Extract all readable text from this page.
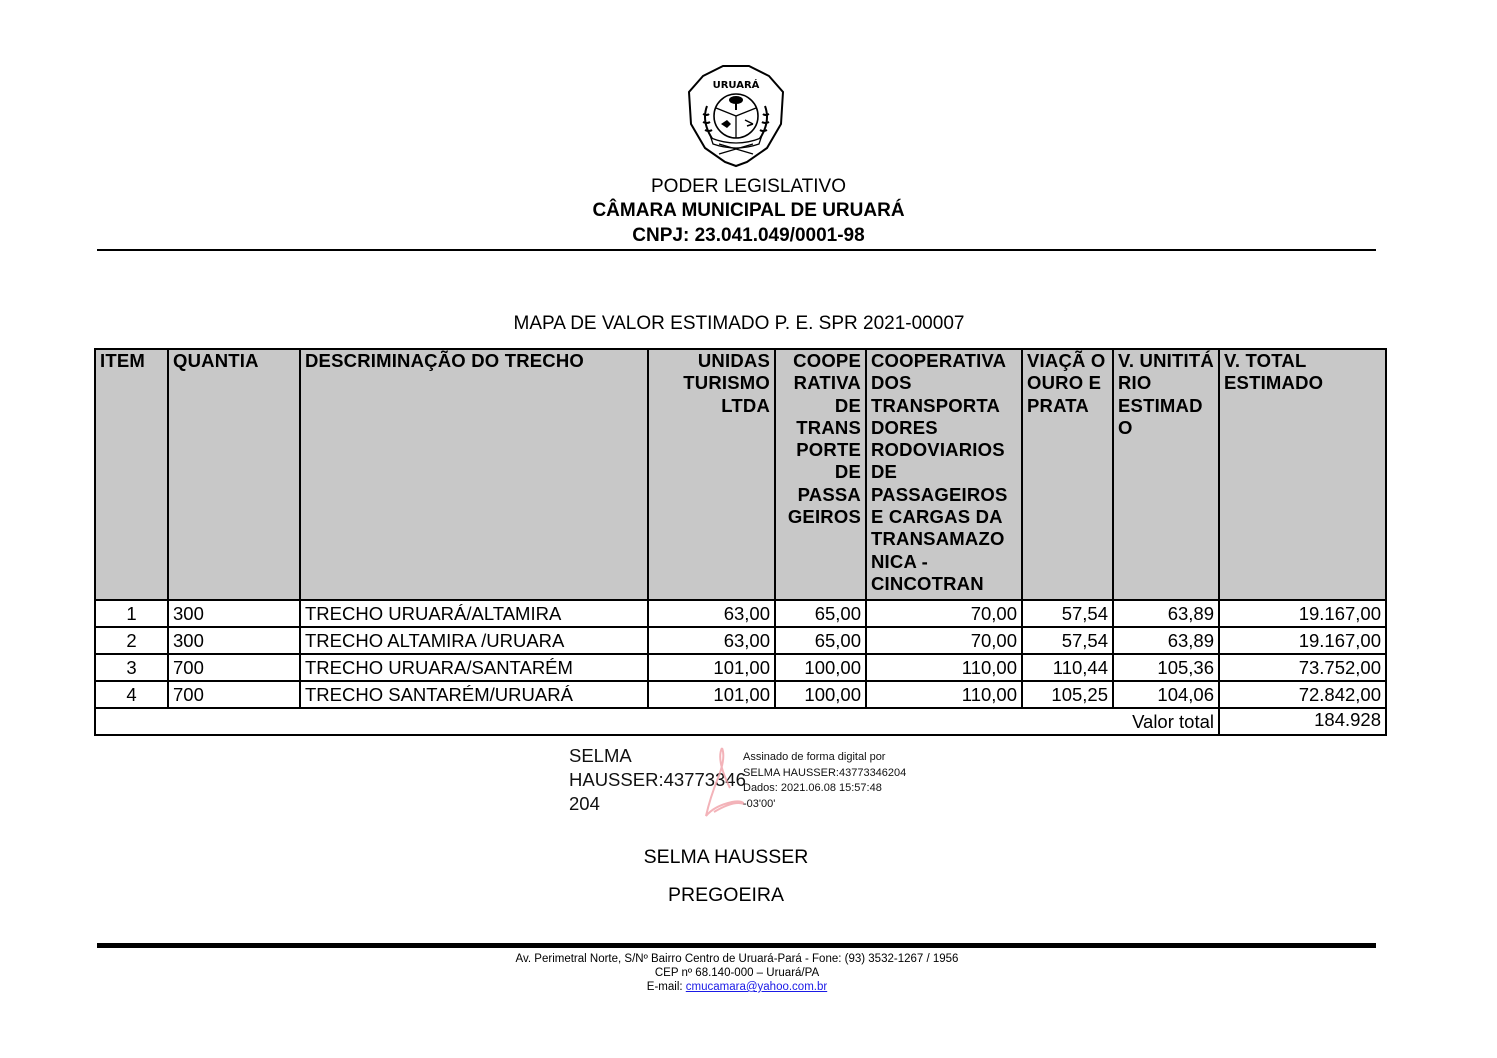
URUARÁ
PODER LEGISLATIVO
CÂMARA MUNICIPAL DE URUARÁ
CNPJ: 23.041.049/0001-98
MAPA DE VALOR ESTIMADO P. E. SPR 2021-00007
ITEM	QUANTIA	DESCRIMINAÇÃO DO TRECHO	UNIDAS TURISMO LTDA	COOPE RATIVA DE TRANS PORTE DE PASSA GEIROS	COOPERATIVA DOS TRANSPORTA DORES RODOVIARIOS DE PASSAGEIROS E CARGAS DA TRANSAMAZO NICA - CINCOTRAN	VIAÇÃ O OURO E PRATA	V. UNITITÁ RIO ESTIMAD O	V. TOTAL ESTIMADO
1	300	TRECHO URUARÁ/ALTAMIRA	63,00	65,00	70,00	57,54	63,89	19.167,00
2	300	TRECHO ALTAMIRA /URUARA	63,00	65,00	70,00	57,54	63,89	19.167,00
3	700	TRECHO URUARA/SANTARÉM	101,00	100,00	110,00	110,44	105,36	73.752,00
4	700	TRECHO SANTARÉM/URUARÁ	101,00	100,00	110,00	105,25	104,06	72.842,00
Valor total								184.928
SELMA
HAUSSER:43773346
204
Assinado de forma digital por
SELMA HAUSSER:43773346204
Dados: 2021.06.08 15:57:48
-03'00'
SELMA HAUSSER
PREGOEIRA
Av. Perimetral Norte, S/Nº Bairro Centro de Uruará-Pará - Fone: (93) 3532-1267 / 1956
CEP nº 68.140-000 – Uruará/PA
E-mail: cmucamara@yahoo.com.br
